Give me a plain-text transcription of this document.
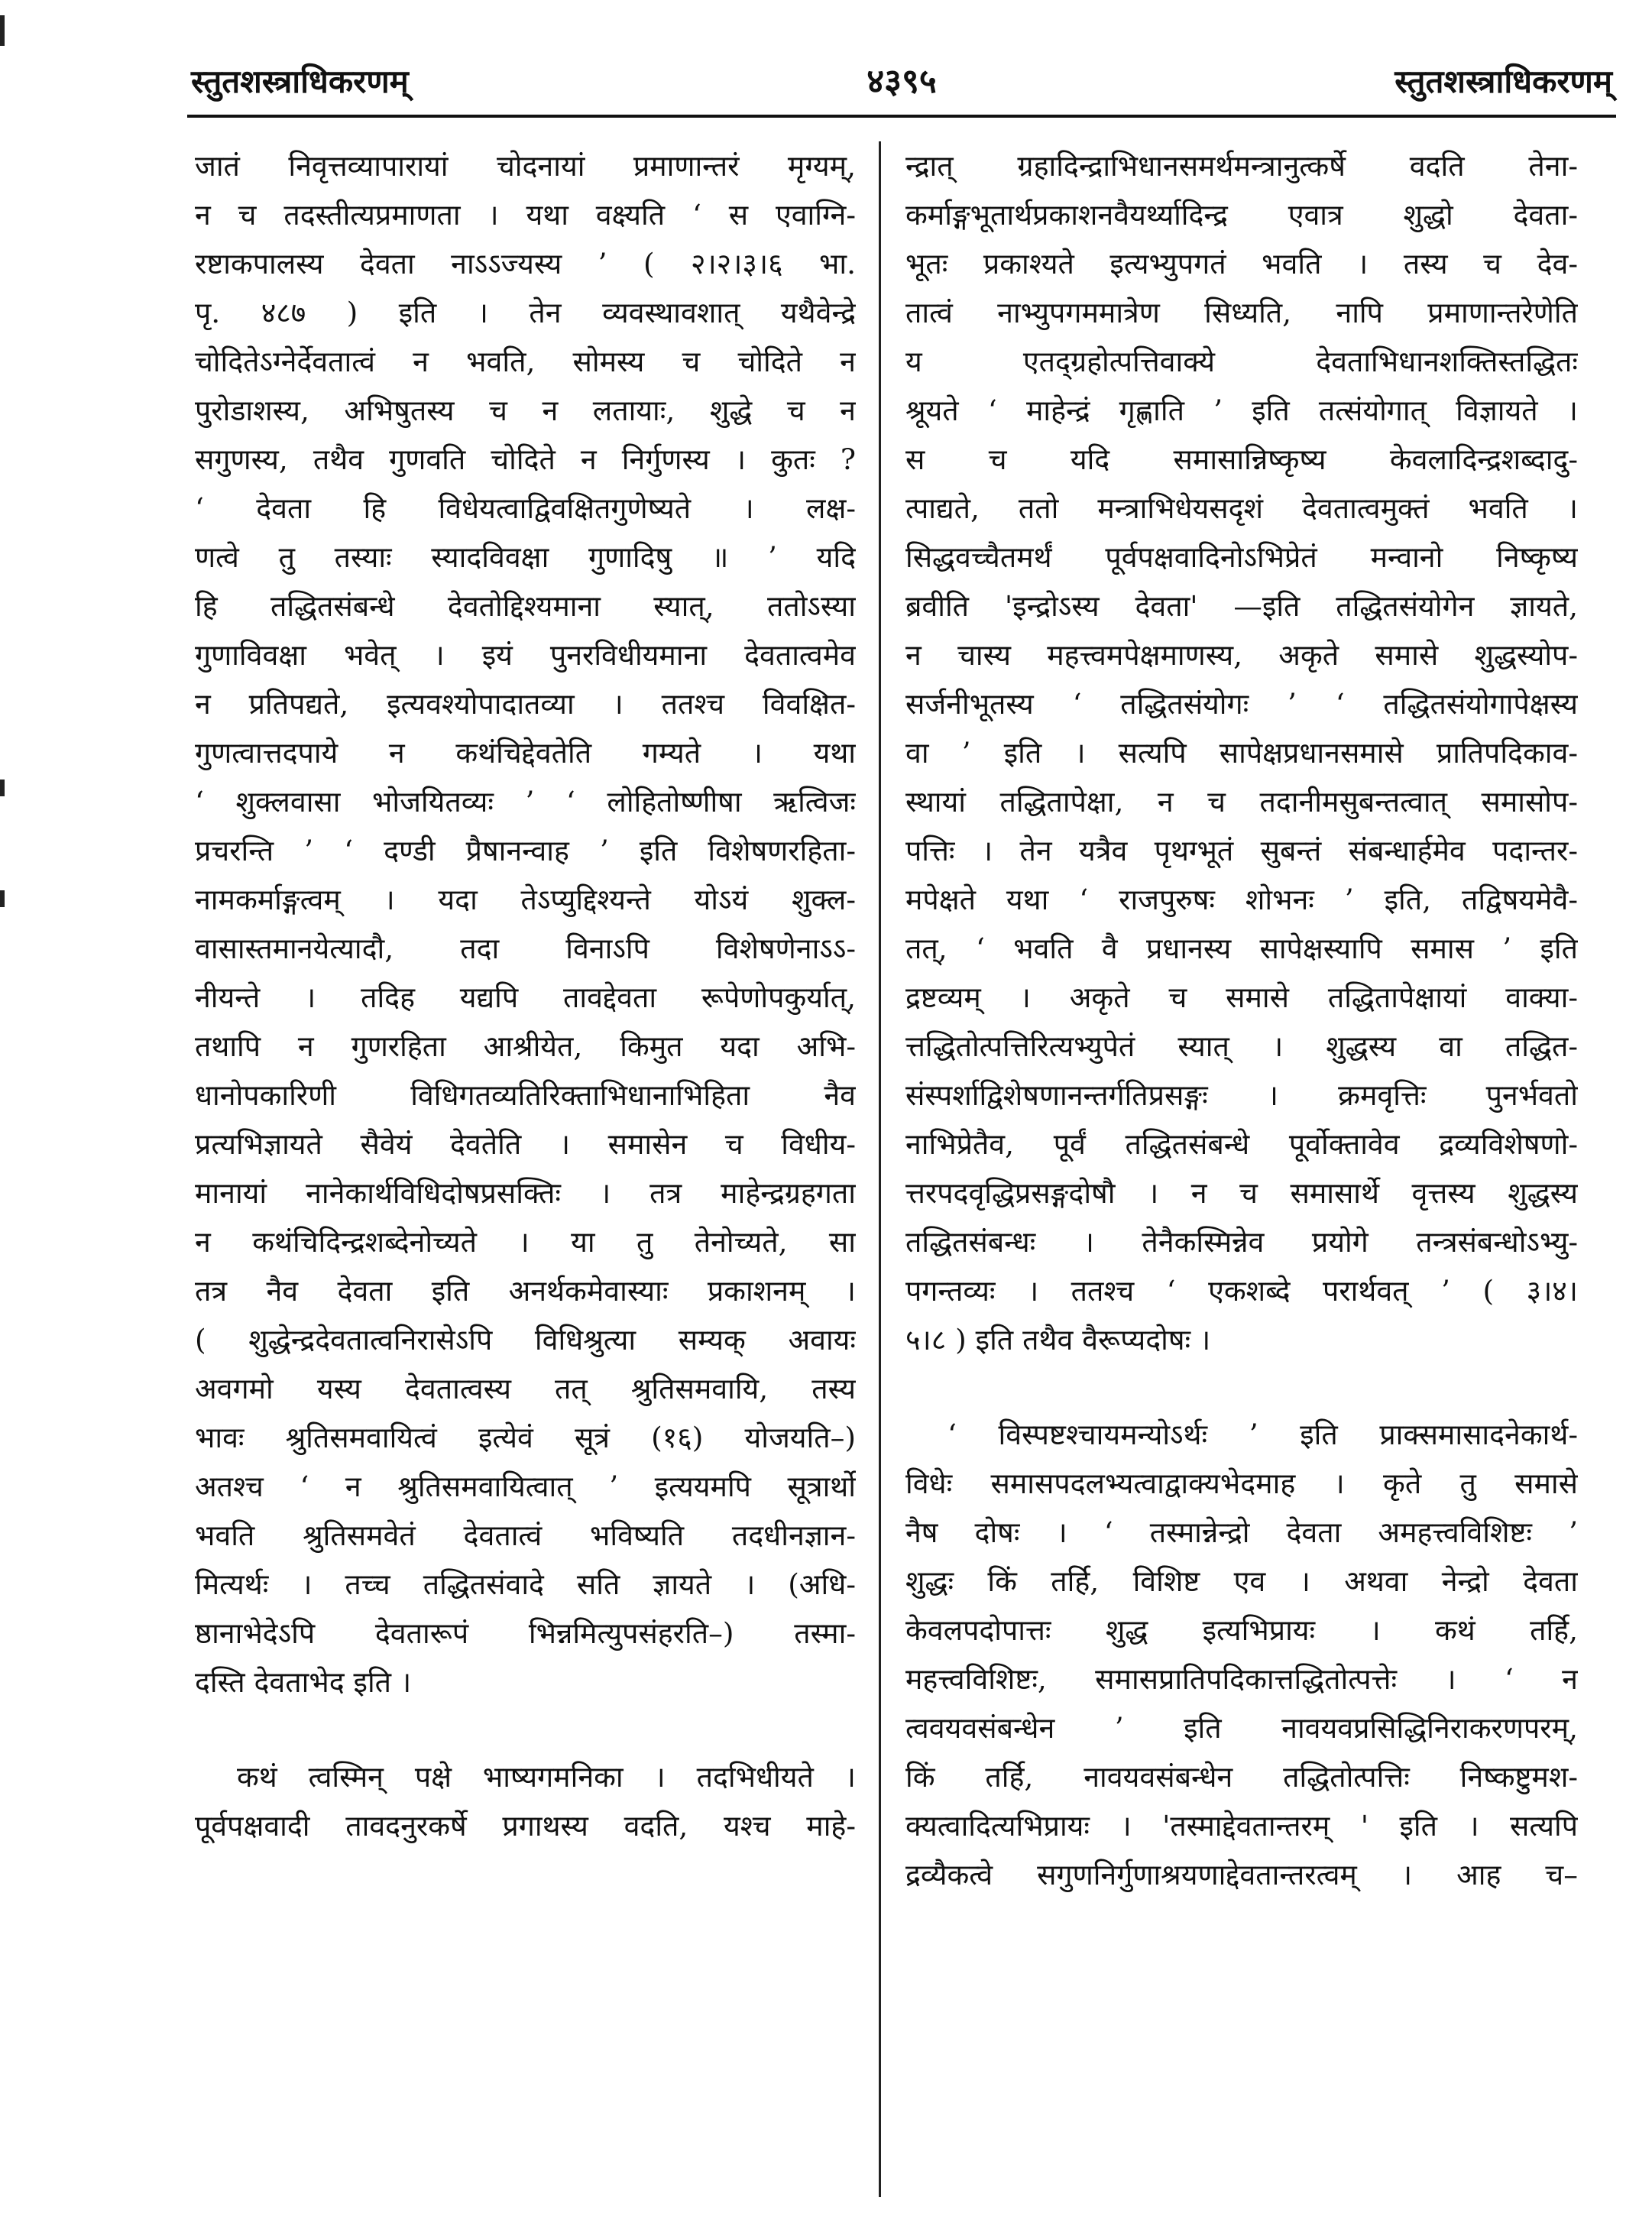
स्तुतशस्त्राधिकरणम्	४३९५	स्तुतशस्त्राधिकरणम्
जातं निवृत्तव्यापारायां चोदनायां प्रमाणान्तरं मृग्यम्,
न च तदस्तीत्यप्रमाणता । यथा वक्ष्यति ‘ स एवाग्नि-
रष्टाकपालस्य देवता नाऽऽज्यस्य ’ ( २।२।३।६ भा.
पृ. ४८७ ) इति । तेन व्यवस्थावशात् यथैवेन्द्रे
चोदितेऽग्नेर्देवतात्वं न भवति, सोमस्य च चोदिते न
पुरोडाशस्य, अभिषुतस्य च न लतायाः, शुद्धे च न
सगुणस्य, तथैव गुणवति चोदिते न निर्गुणस्य । कुतः ?
‘ देवता हि विधेयत्वाद्विवक्षितगुणेष्यते । लक्ष-
णत्वे तु तस्याः स्यादविवक्षा गुणादिषु ॥ ’ यदि
हि तद्धितसंबन्धे देवतोद्दिश्यमाना स्यात्, ततोऽस्या
गुणाविवक्षा भवेत् । इयं पुनरविधीयमाना देवतात्वमेव
न प्रतिपद्यते, इत्यवश्योपादातव्या । ततश्च विवक्षित-
गुणत्वात्तदपाये न कथंचिद्देवतेति गम्यते । यथा
‘ शुक्लवासा भोजयितव्यः ’ ‘ लोहितोष्णीषा ऋत्विजः
प्रचरन्ति ’ ‘ दण्डी प्रैषानन्वाह ’ इति विशेषणरहिता-
नामकर्माङ्गत्वम् । यदा तेऽप्युद्दिश्यन्ते योऽयं शुक्ल-
वासास्तमानयेत्यादौ, तदा विनाऽपि विशेषणेनाऽऽ-
नीयन्ते । तदिह यद्यपि तावद्देवता रूपेणोपकुर्यात्,
तथापि न गुणरहिता आश्रीयेत, किमुत यदा अभि-
धानोपकारिणी विधिगतव्यतिरिक्ताभिधानाभिहिता नैव
प्रत्यभिज्ञायते सैवेयं देवतेति । समासेन च विधीय-
मानायां नानेकार्थविधिदोषप्रसक्तिः । तत्र माहेन्द्रग्रहगता
न कथंचिदिन्द्रशब्देनोच्यते । या तु तेनोच्यते, सा
तत्र नैव देवता इति अनर्थकमेवास्याः प्रकाशनम् ।
( शुद्धेन्द्रदेवतात्वनिरासेऽपि विधिश्रुत्या सम्यक् अवायः
अवगमो यस्य देवतात्वस्य तत् श्रुतिसमवायि, तस्य
भावः श्रुतिसमवायित्वं इत्येवं सूत्रं (१६) योजयति–)
अतश्च ‘ न श्रुतिसमवायित्वात् ’ इत्ययमपि सूत्रार्थो
भवति श्रुतिसमवेतं देवतात्वं भविष्यति तदधीनज्ञान-
मित्यर्थः । तच्च तद्धितसंवादे सति ज्ञायते । (अधि-
ष्ठानाभेदेऽपि देवतारूपं भिन्नमित्युपसंहरति–) तस्मा-
दस्ति देवताभेद इति ।
कथं त्वस्मिन् पक्षे भाष्यगमनिका । तदभिधीयते ।
पूर्वपक्षवादी तावदनुरकर्षे प्रगाथस्य वदति, यश्च माहे-
न्द्रात् ग्रहादिन्द्राभिधानसमर्थमन्त्रानुत्कर्षे वदति तेना-
कर्माङ्गभूतार्थप्रकाशनवैयर्थ्यादिन्द्र एवात्र शुद्धो देवता-
भूतः प्रकाश्यते इत्यभ्युपगतं भवति । तस्य च देव-
तात्वं नाभ्युपगममात्रेण सिध्यति, नापि प्रमाणान्तरेणेति
य एतद्ग्रहोत्पत्तिवाक्ये देवताभिधानशक्तिस्तद्धितः
श्रूयते ‘ माहेन्द्रं गृह्णाति ’ इति तत्संयोगात् विज्ञायते ।
स च यदि समासान्निष्कृष्य केवलादिन्द्रशब्दादु-
त्पाद्यते, ततो मन्त्राभिधेयसदृशं देवतात्वमुक्तं भवति ।
सिद्धवच्चैतमर्थं पूर्वपक्षवादिनोऽभिप्रेतं मन्वानो निष्कृष्य
ब्रवीति 'इन्द्रोऽस्य देवता' —इति तद्धितसंयोगेन ज्ञायते,
न चास्य महत्त्वमपेक्षमाणस्य, अकृते समासे शुद्धस्योप-
सर्जनीभूतस्य ‘ तद्धितसंयोगः ’ ‘ तद्धितसंयोगापेक्षस्य
वा ’ इति । सत्यपि सापेक्षप्रधानसमासे प्रातिपदिकाव-
स्थायां तद्धितापेक्षा, न च तदानीमसुबन्तत्वात् समासोप-
पत्तिः । तेन यत्रैव पृथग्भूतं सुबन्तं संबन्धार्हमेव पदान्तर-
मपेक्षते यथा ‘ राजपुरुषः शोभनः ’ इति, तद्विषयमेवै-
तत्, ‘ भवति वै प्रधानस्य सापेक्षस्यापि समास ’ इति
द्रष्टव्यम् । अकृते च समासे तद्धितापेक्षायां वाक्या-
त्तद्धितोत्पत्तिरित्यभ्युपेतं स्यात् । शुद्धस्य वा तद्धित-
संस्पर्शाद्विशेषणानन्तर्गतिप्रसङ्गः । क्रमवृत्तिः पुनर्भवतो
नाभिप्रेतैव, पूर्वं तद्धितसंबन्धे पूर्वोक्तावेव द्रव्यविशेषणो-
त्तरपदवृद्धिप्रसङ्गदोषौ । न च समासार्थे वृत्तस्य शुद्धस्य
तद्धितसंबन्धः । तेनैकस्मिन्नेव प्रयोगे तन्त्रसंबन्धोऽभ्यु-
पगन्तव्यः । ततश्च ‘ एकशब्दे परार्थवत् ’ ( ३।४।
५।८ ) इति तथैव वैरूप्यदोषः ।
‘ विस्पष्टश्चायमन्योऽर्थः ’ इति प्राक्समासादनेकार्थ-
विधेः समासपदलभ्यत्वाद्वाक्यभेदमाह । कृते तु समासे
नैष दोषः । ‘ तस्मान्नेन्द्रो देवता अमहत्त्वविशिष्टः ’
शुद्धः किं तर्हि, विशिष्ट एव । अथवा नेन्द्रो देवता
केवलपदोपात्तः शुद्ध इत्यभिप्रायः । कथं तर्हि,
महत्त्वविशिष्टः, समासप्रातिपदिकात्तद्धितोत्पत्तेः । ‘ न
त्ववयवसंबन्धेन ’ इति नावयवप्रसिद्धिनिराकरणपरम्,
किं तर्हि, नावयवसंबन्धेन तद्धितोत्पत्तिः निष्कष्टुमश-
क्यत्वादित्यभिप्रायः । 'तस्माद्देवतान्तरम् ' इति । सत्यपि
द्रव्यैकत्वे सगुणनिर्गुणाश्रयणाद्देवतान्तरत्वम् । आह च–
